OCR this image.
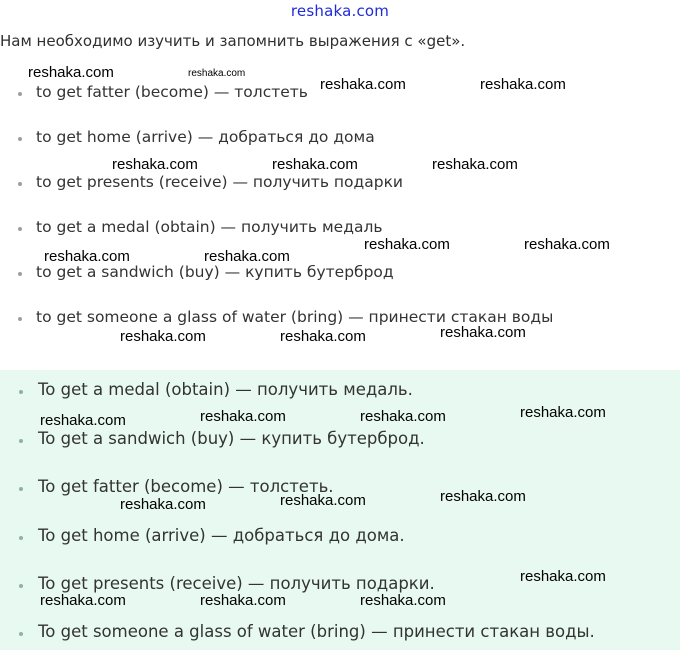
reshaka.com
Нам необходимо изучить и запомнить выражения с «get».
to get fatter (become) — толстеть
to get home (arrive) — добраться до дома
to get presents (receive) — получить подарки
to get a medal (obtain) — получить медаль
to get a sandwich (buy) — купить бутерброд
to get someone a glass of water (bring) — принести стакан воды
To get a medal (obtain) — получить медаль.
To get a sandwich (buy) — купить бутерброд.
To get fatter (become) — толстеть.
To get home (arrive) — добраться до дома.
To get presents (receive) — получить подарки.
To get someone a glass of water (bring) — принести стакан воды.
reshaka.com	reshaka.com
reshaka.com	reshaka.com
reshaka.com	reshaka.com	reshaka.com
reshaka.com	reshaka.com
reshaka.com	reshaka.com
reshaka.com
reshaka.com	reshaka.com
reshaka.com
reshaka.com	reshaka.com
reshaka.com
reshaka.com
reshaka.com
reshaka.com
reshaka.com
reshaka.com	reshaka.com	reshaka.com
